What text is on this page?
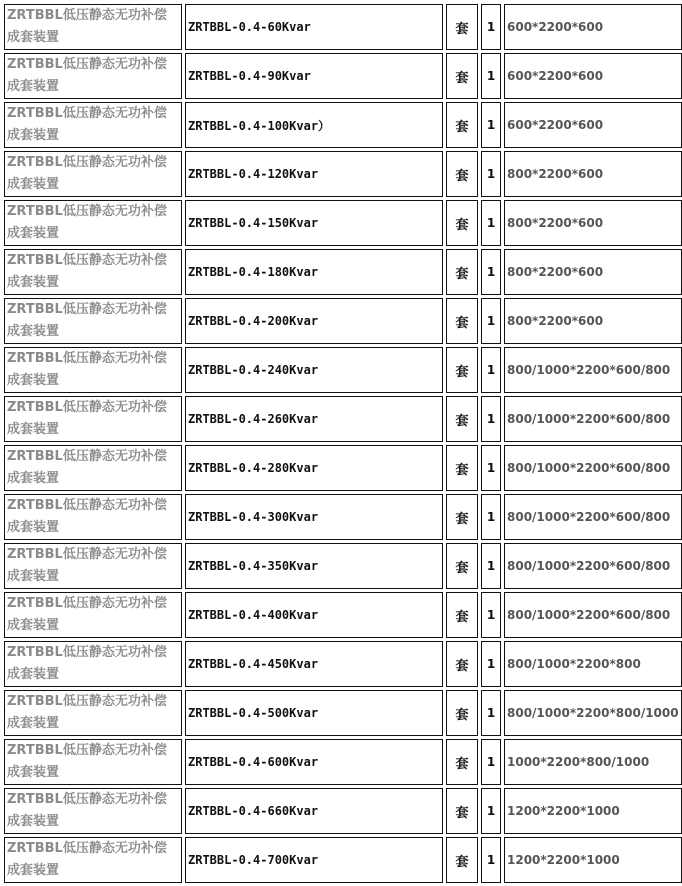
ZRTBBL低压静态无功补偿成套装置	ZRTBBL-0.4-60Kvar	套	1	600*2200*600
ZRTBBL低压静态无功补偿成套装置	ZRTBBL-0.4-90Kvar	套	1	600*2200*600
ZRTBBL低压静态无功补偿成套装置	ZRTBBL-0.4-100Kvar）	套	1	600*2200*600
ZRTBBL低压静态无功补偿成套装置	ZRTBBL-0.4-120Kvar	套	1	800*2200*600
ZRTBBL低压静态无功补偿成套装置	ZRTBBL-0.4-150Kvar	套	1	800*2200*600
ZRTBBL低压静态无功补偿成套装置	ZRTBBL-0.4-180Kvar	套	1	800*2200*600
ZRTBBL低压静态无功补偿成套装置	ZRTBBL-0.4-200Kvar	套	1	800*2200*600
ZRTBBL低压静态无功补偿成套装置	ZRTBBL-0.4-240Kvar	套	1	800/1000*2200*600/800
ZRTBBL低压静态无功补偿成套装置	ZRTBBL-0.4-260Kvar	套	1	800/1000*2200*600/800
ZRTBBL低压静态无功补偿成套装置	ZRTBBL-0.4-280Kvar	套	1	800/1000*2200*600/800
ZRTBBL低压静态无功补偿成套装置	ZRTBBL-0.4-300Kvar	套	1	800/1000*2200*600/800
ZRTBBL低压静态无功补偿成套装置	ZRTBBL-0.4-350Kvar	套	1	800/1000*2200*600/800
ZRTBBL低压静态无功补偿成套装置	ZRTBBL-0.4-400Kvar	套	1	800/1000*2200*600/800
ZRTBBL低压静态无功补偿成套装置	ZRTBBL-0.4-450Kvar	套	1	800/1000*2200*800
ZRTBBL低压静态无功补偿成套装置	ZRTBBL-0.4-500Kvar	套	1	800/1000*2200*800/1000
ZRTBBL低压静态无功补偿成套装置	ZRTBBL-0.4-600Kvar	套	1	1000*2200*800/1000
ZRTBBL低压静态无功补偿成套装置	ZRTBBL-0.4-660Kvar	套	1	1200*2200*1000
ZRTBBL低压静态无功补偿成套装置	ZRTBBL-0.4-700Kvar	套	1	1200*2200*1000
